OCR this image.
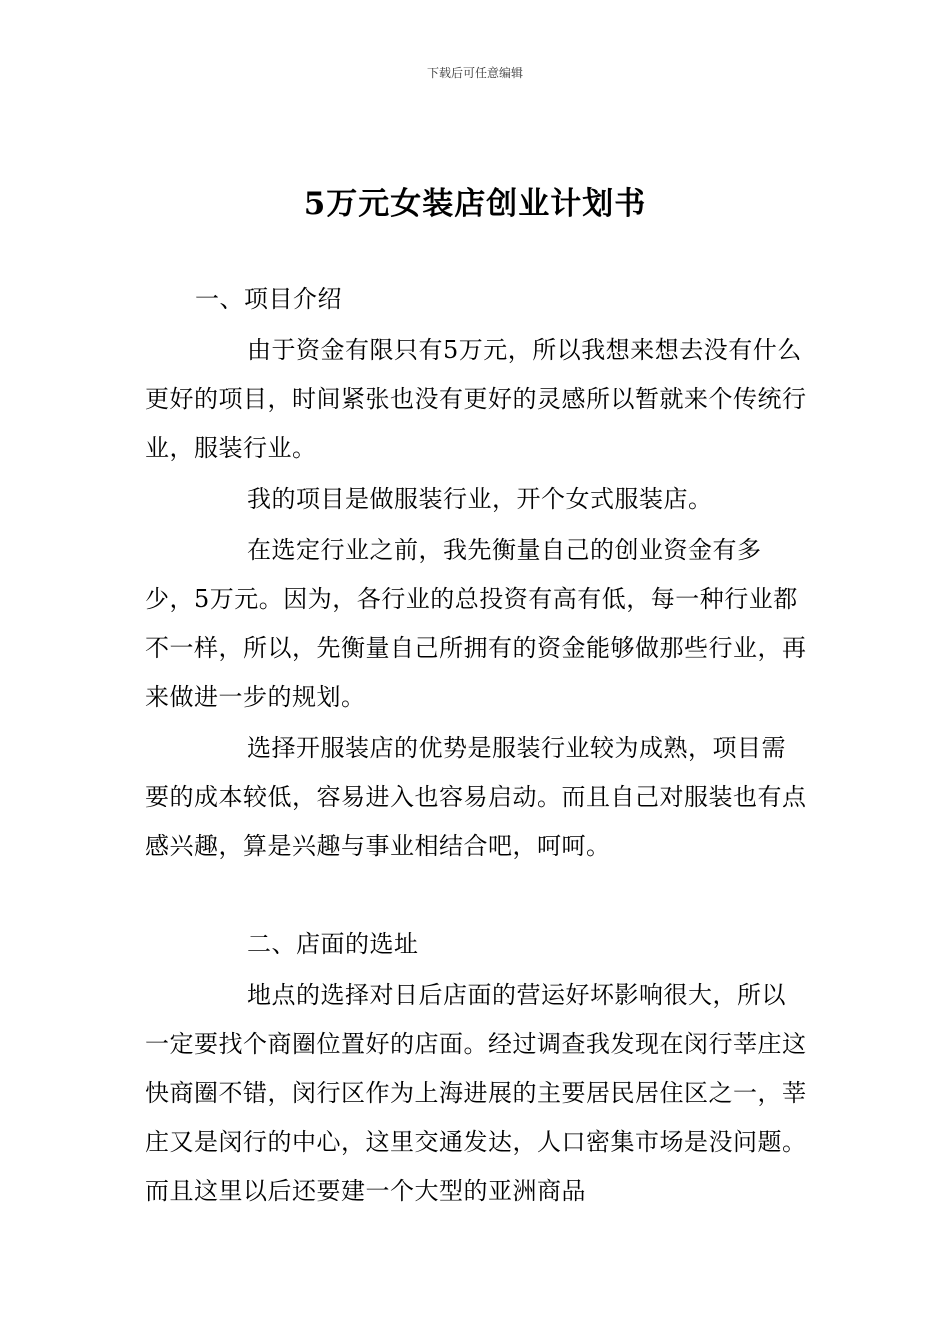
下载后可任意编辑
5万元女装店创业计划书

一、项目介绍

由于资金有限只有5万元，所以我想来想去没有什么更好的项目，时间紧张也没有更好的灵感所以暂就来个传统行业，服装行业。

我的项目是做服装行业，开个女式服装店。

在选定行业之前，我先衡量自己的创业资金有多少，5万元。因为，各行业的总投资有高有低，每一种行业都不一样，所以，先衡量自己所拥有的资金能够做那些行业，再来做进一步的规划。

选择开服装店的优势是服装行业较为成熟，项目需要的成本较低，容易进入也容易启动。而且自己对服装也有点感兴趣，算是兴趣与事业相结合吧，呵呵。

二、店面的选址

地点的选择对日后店面的营运好坏影响很大，所以一定要找个商圈位置好的店面。经过调查我发现在闵行莘庄这快商圈不错，闵行区作为上海进展的主要居民居住区之一，莘庄又是闵行的中心，这里交通发达，人口密集市场是没问题。而且这里以后还要建一个大型的亚洲商品
